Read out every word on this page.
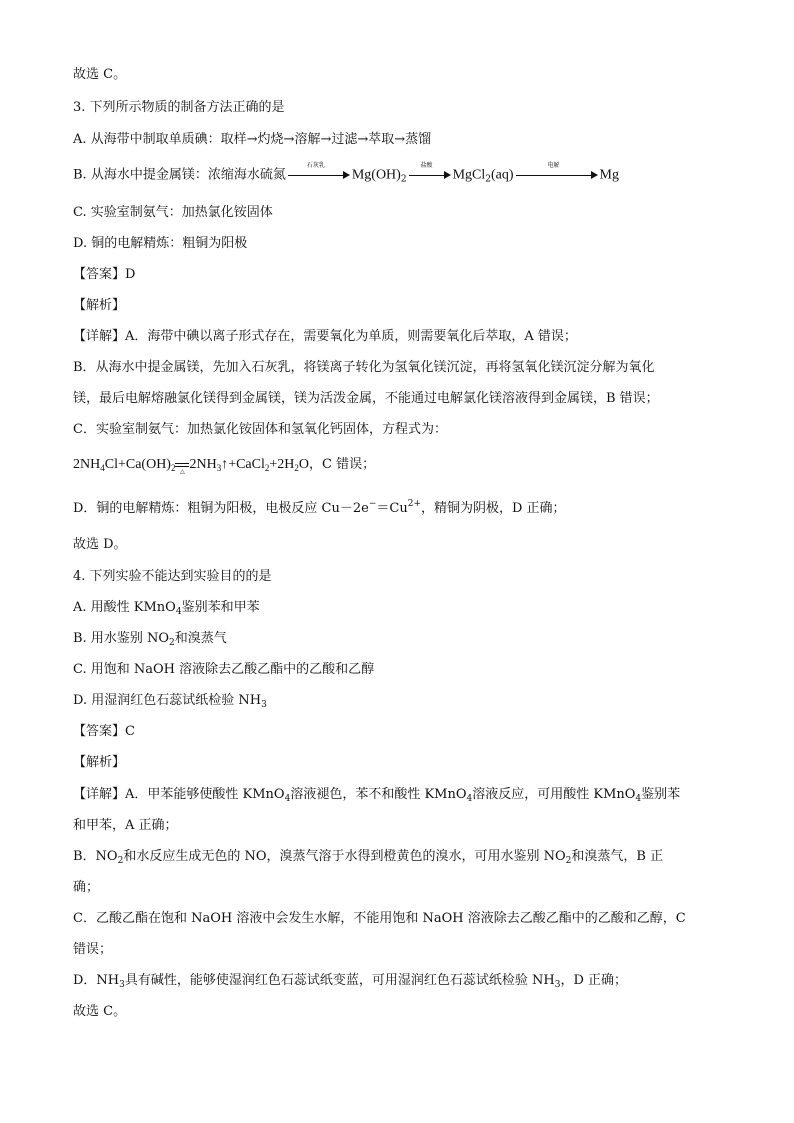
故选 C。
3. 下列所示物质的制备方法正确的是
A. 从海带中制取单质碘：取样→灼烧→溶解→过滤→萃取→蒸馏
B. 从海水中提金属镁：浓缩海水硫氮
石灰乳
$Mg(OH)_2$
盐酸
MgCl$_2$(aq)
电解
Mg
C. 实验室制氨气：加热氯化铵固体
D. 铜的电解精炼：粗铜为阳极
【答案】D
【解析】
【详解】A．海带中碘以离子形式存在，需要氧化为单质，则需要氧化后萃取，A 错误；
B．从海水中提金属镁，先加入石灰乳，将镁离子转化为氢氧化镁沉淀，再将氢氧化镁沉淀分解为氧化
镁，最后电解熔融氯化镁得到金属镁，镁为活泼金属，不能通过电解氯化镁溶液得到金属镁，B 错误；
C．实验室制氨气：加热氯化铵固体和氢氧化钙固体，方程式为：
$2NH_4Cl+Ca(OH)_2$ △ $2NH_3↑+CaCl_2+2H_2O$，C 错误；
D．铜的电解精炼：粗铜为阳极，电极反应 $Cu-2e^-=Cu^{2+}$，精铜为阴极，D 正确；
故选 D。
4. 下列实验不能达到实验目的的是
A. 用酸性 KMnO$_4$鉴别苯和甲苯
B. 用水鉴别 $NO_2$和溴蒸气
C. 用饱和 NaOH 溶液除去乙酸乙酯中的乙酸和乙醇
D. 用湿润红色石蕊试纸检验 $NH_3$
【答案】C
【解析】
【详解】A．甲苯能够使酸性 KMnO$_4$溶液褪色，苯不和酸性 KMnO$_4$溶液反应，可用酸性 KMnO$_4$鉴别苯
和甲苯，A 正确；
B．$NO_2$和水反应生成无色的 NO，溴蒸气溶于水得到橙黄色的溴水，可用水鉴别 $NO_2$和溴蒸气，B 正
确；
C．乙酸乙酯在饱和 NaOH 溶液中会发生水解，不能用饱和 NaOH 溶液除去乙酸乙酯中的乙酸和乙醇，C
错误；
D．$NH_3$具有碱性，能够使湿润红色石蕊试纸变蓝，可用湿润红色石蕊试纸检验 $NH_3$，D 正确；
故选 C。
